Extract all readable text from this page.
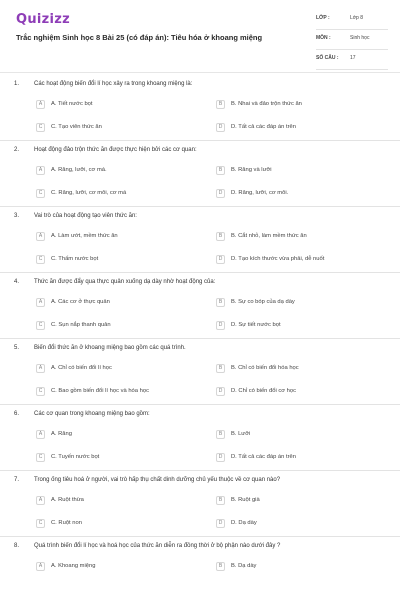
Quizizz
Trắc nghiệm Sinh học 8 Bài 25 (có đáp án): Tiêu hóa ở khoang miệng
LỚP :	Lớp 8
MÔN :	Sinh học
SỐ CÂU :	17
1. Các hoạt động biến đổi lí học xảy ra trong khoang miệng là:
A	A. Tiết nước bọt	B	B. Nhai và đảo trộn thức ăn
C	C. Tạo viên thức ăn	D	D. Tất cả các đáp án trên
2. Hoạt động đảo trộn thức ăn được thực hiện bởi các cơ quan:
A	A. Răng, lưỡi, cơ má.	B	B. Răng và lưỡi
C	C. Răng, lưỡi, cơ môi, cơ má	D	D. Răng, lưỡi, cơ môi.
3. Vai trò của hoạt động tạo viên thức ăn:
A	A. Làm ướt, mềm thức ăn	B	B. Cắt nhỏ, làm mềm thức ăn
C	C. Thấm nước bọt	D	D. Tạo kích thước vừa phải, dễ nuốt
4. Thức ăn được đẩy qua thực quản xuống dạ dày nhờ hoạt động của:
A	A. Các cơ ở thực quản	B	B. Sự co bóp của dạ dày
C	C. Sụn nắp thanh quản	D	D. Sự tiết nước bọt
5. Biến đổi thức ăn ở khoang miệng bao gồm các quá trình.
A	A. Chỉ có biến đổi lí học	B	B. Chỉ có biến đổi hóa học
C	C. Bao gồm biến đổi lí học và hóa học	D	D. Chỉ có biến đổi cơ học
6. Các cơ quan trong khoang miệng bao gồm:
A	A. Răng	B	B. Lưỡi
C	C. Tuyến nước bọt	D	D. Tất cả các đáp án trên
7. Trong ống tiêu hoá ở người, vai trò hấp thụ chất dinh dưỡng chủ yếu thuộc về cơ quan nào?
A	A. Ruột thừa	B	B. Ruột già
C	C. Ruột non	D	D. Dạ dày
8. Quá trình biến đổi lí học và hoá học của thức ăn diễn ra đồng thời ở bộ phận nào dưới đây ?
A	A. Khoang miệng	B	B. Dạ dày
